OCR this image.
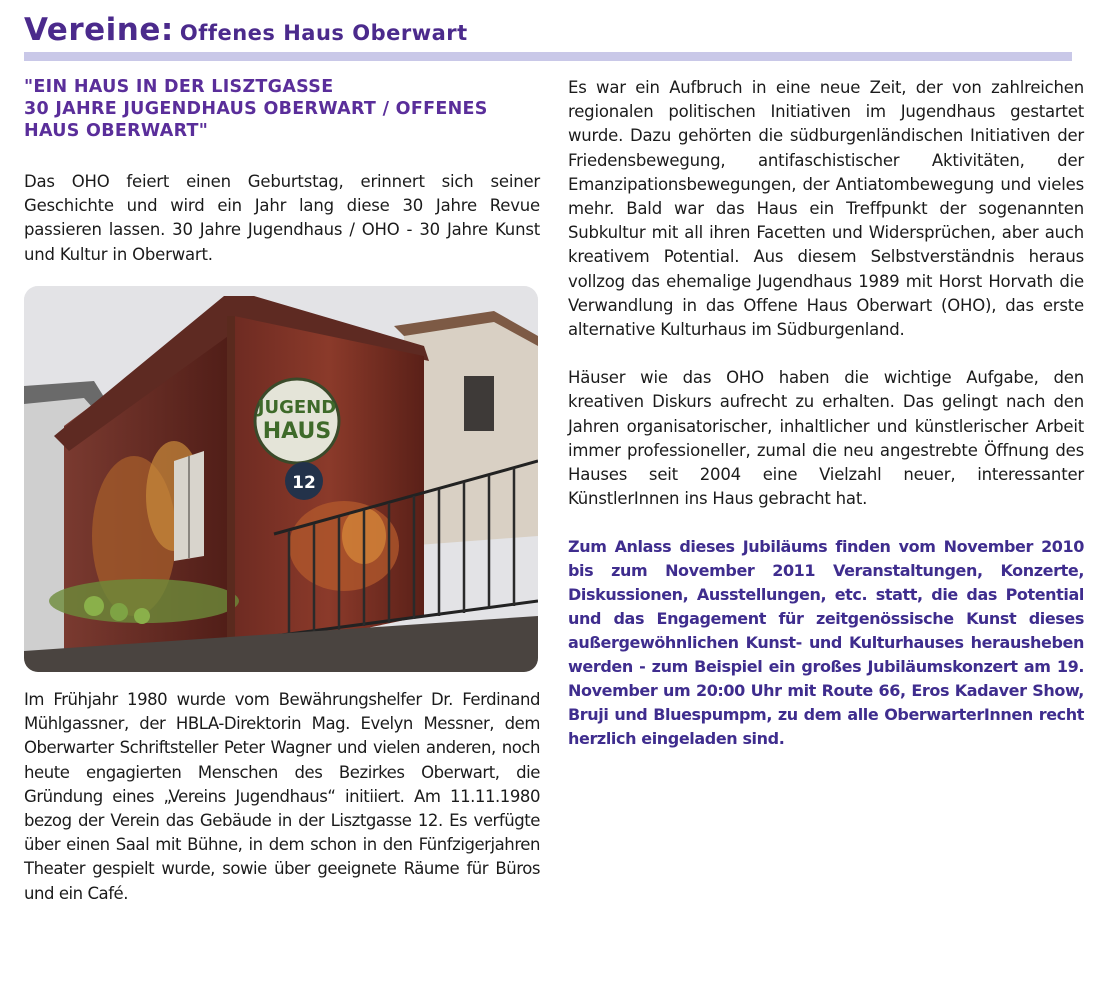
Vereine: Offenes Haus Oberwart
"EIN HAUS IN DER LISZTGASSE
30 JAHRE JUGENDHAUS OBERWART / OFFENES
HAUS OBERWART"

Das OHO feiert einen Geburtstag, erinnert sich seiner Geschichte und wird ein Jahr lang diese 30 Jahre Revue passieren lassen. 30 Jahre Jugendhaus / OHO - 30 Jahre Kunst und Kultur in Oberwart.

Im Frühjahr 1980 wurde vom Bewährungshelfer Dr. Ferdinand Mühlgassner, der HBLA-Direktorin Mag. Evelyn Messner, dem Oberwarter Schriftsteller Peter Wagner und vielen anderen, noch heute engagierten Menschen des Bezirkes Oberwart, die Gründung eines „Vereins Jugendhaus“ initiiert. Am 11.11.1980 bezog der Verein das Gebäude in der Lisztgasse 12. Es verfügte über einen Saal mit Bühne, in dem schon in den Fünfzigerjahren Theater gespielt wurde, sowie über geeignete Räume für Büros und ein Café.

JUGEND
HAUS
12

Es war ein Aufbruch in eine neue Zeit, der von zahlreichen regionalen politischen Initiativen im Jugendhaus gestartet wurde. Dazu gehörten die südburgenländischen Initiativen der Friedensbewegung, antifaschistischer Aktivitäten, der Emanzipationsbewegungen, der Antiatombewegung und vieles mehr. Bald war das Haus ein Treffpunkt der sogenannten Subkultur mit all ihren Facetten und Widersprüchen, aber auch kreativem Potential. Aus diesem Selbstverständnis heraus vollzog das ehemalige Jugendhaus 1989 mit Horst Horvath die Verwandlung in das Offene Haus Oberwart (OHO), das erste alternative Kulturhaus im Südburgenland.

Häuser wie das OHO haben die wichtige Aufgabe, den kreativen Diskurs aufrecht zu erhalten. Das gelingt nach den Jahren organisatorischer, inhaltlicher und künstlerischer Arbeit immer professioneller, zumal die neu angestrebte Öffnung des Hauses seit 2004 eine Vielzahl neuer, interessanter KünstlerInnen ins Haus gebracht hat.

Zum Anlass dieses Jubiläums finden vom November 2010 bis zum November 2011 Veranstaltungen, Konzerte, Diskussionen, Ausstellungen, etc. statt, die das Potential und das Engagement für zeitgenössische Kunst dieses außergewöhnlichen Kunst- und Kulturhauses herausheben werden - zum Beispiel ein großes Jubiläumskonzert am 19. November um 20:00 Uhr mit Route 66, Eros Kadaver Show, Bruji und Bluespumpm, zu dem alle OberwarterInnen recht herzlich eingeladen sind.
